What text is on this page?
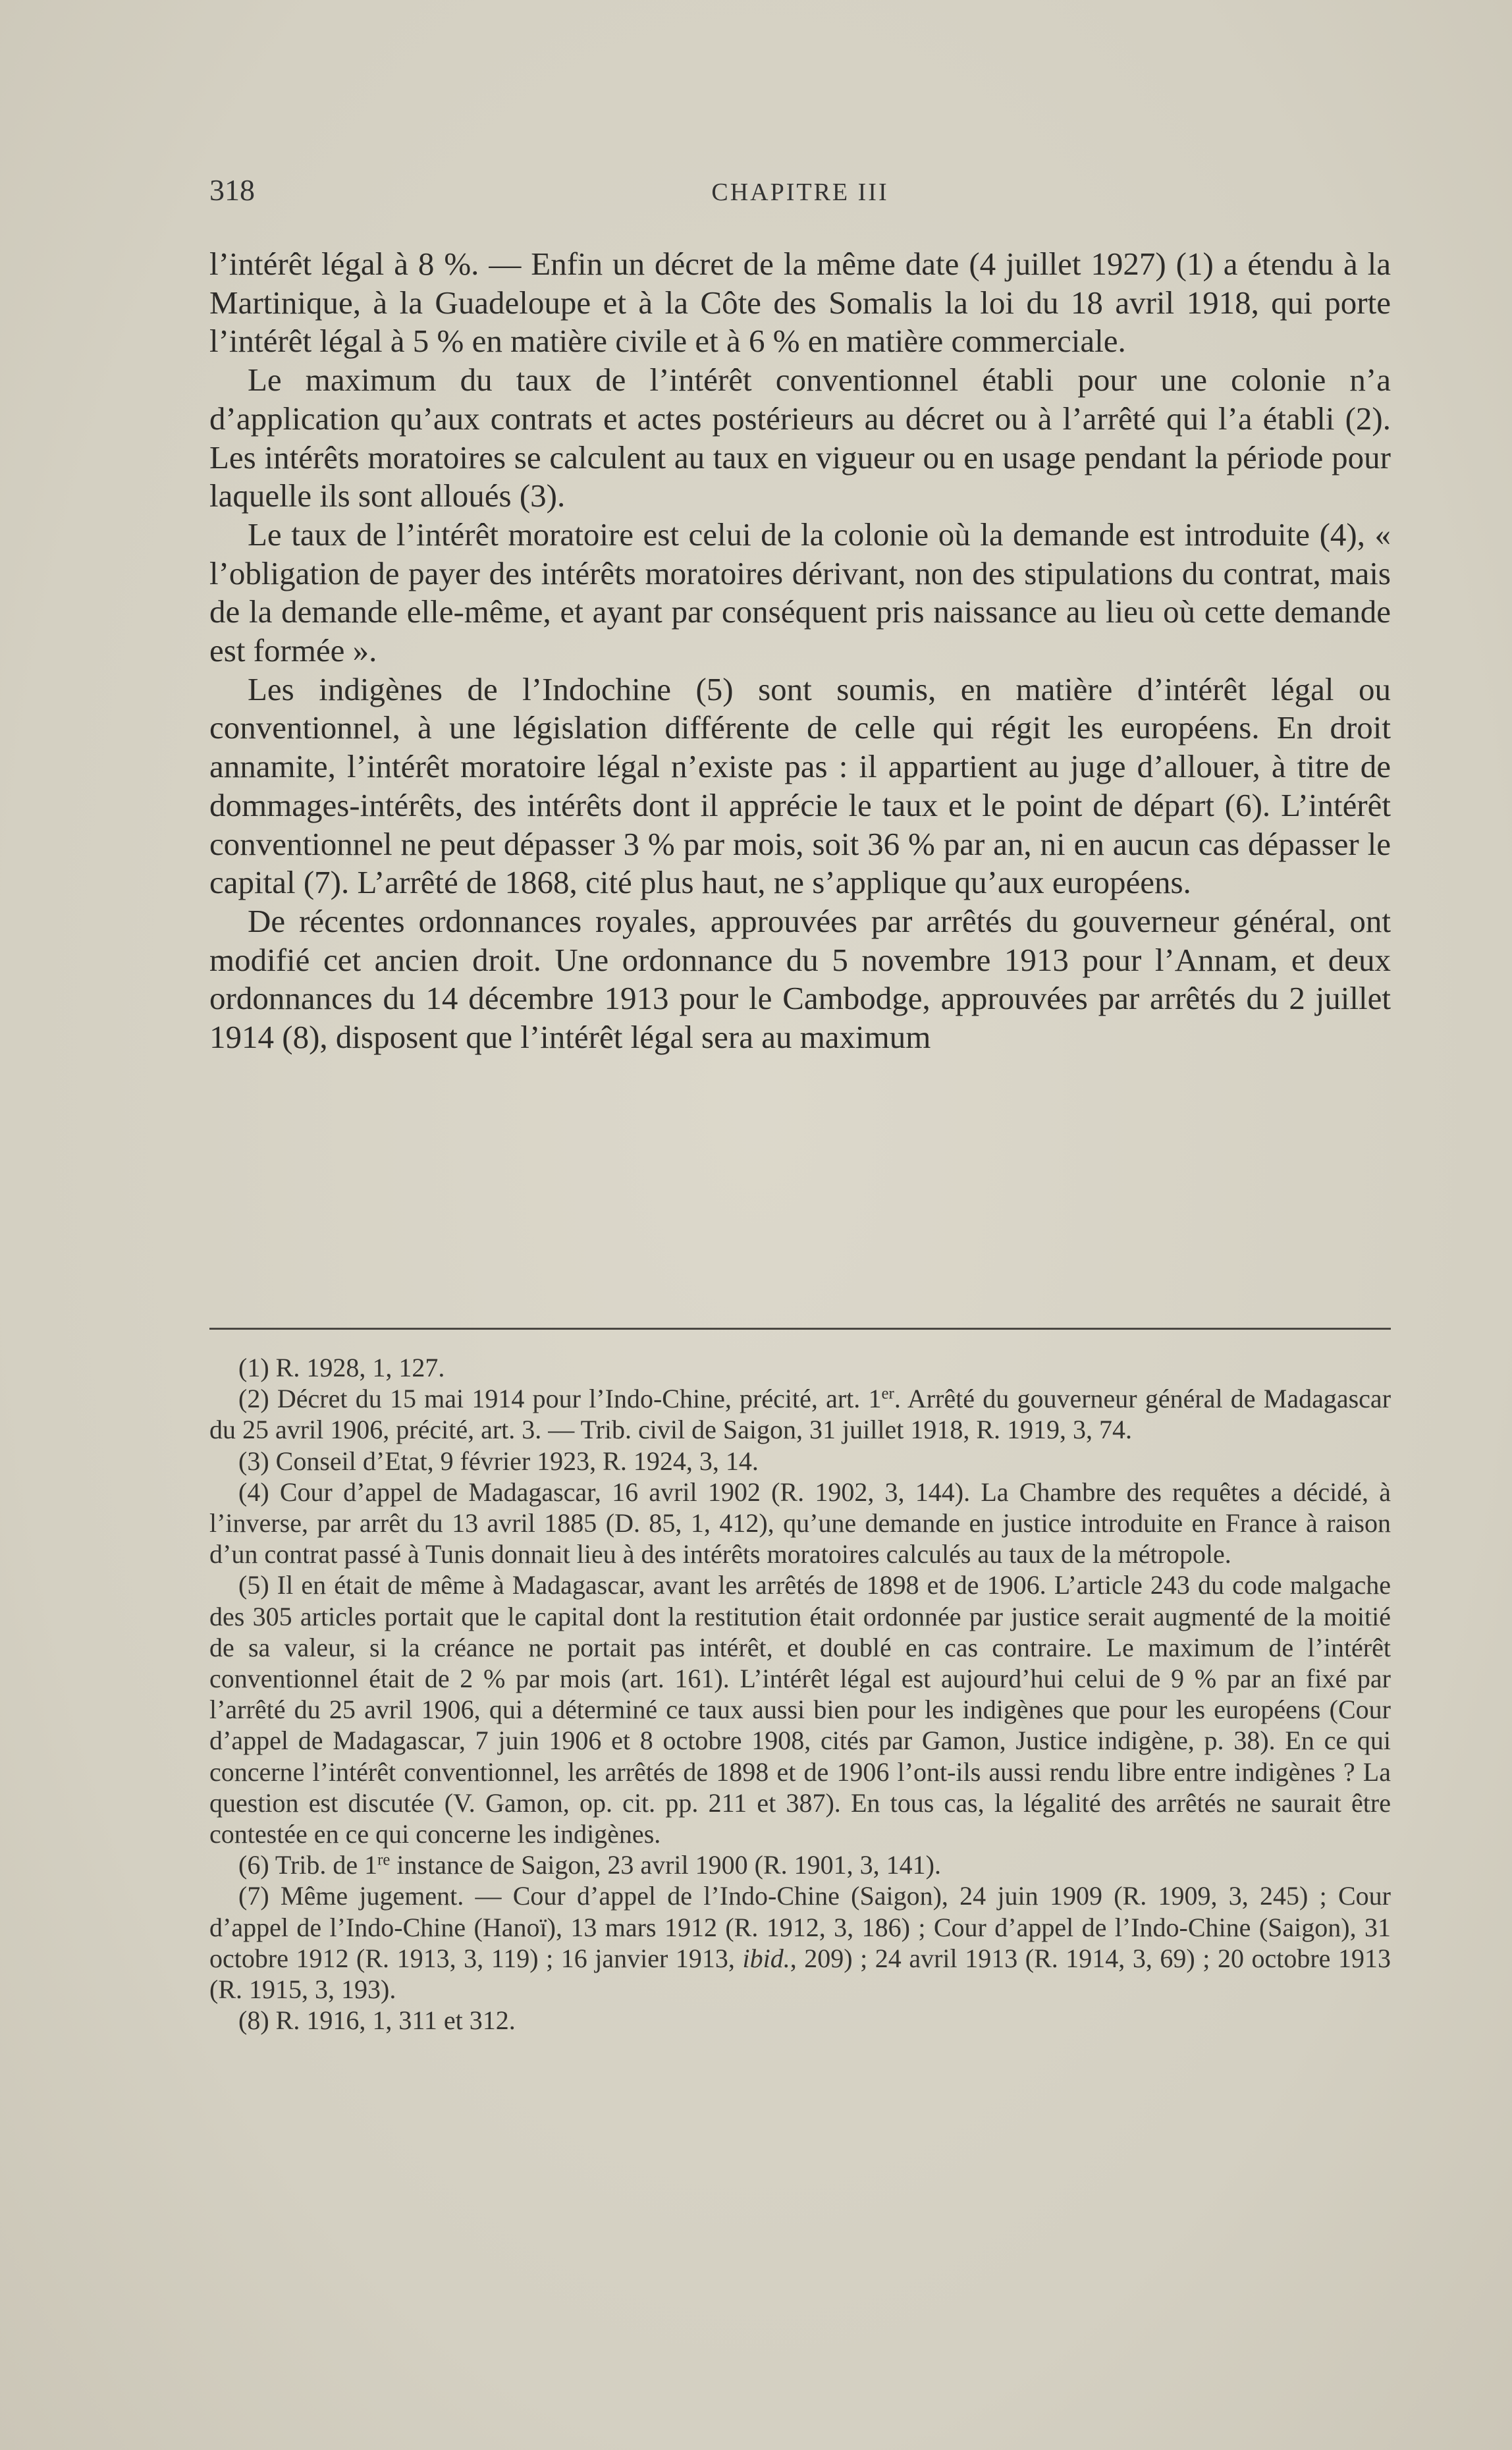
318	CHAPITRE III

l’intérêt légal à 8 %. — Enfin un décret de la même date (4 juillet 1927) (1) a étendu à la Martinique, à la Guadeloupe et à la Côte des Somalis la loi du 18 avril 1918, qui porte l’intérêt légal à 5 % en matière civile et à 6 % en matière commerciale.

Le maximum du taux de l’intérêt conventionnel établi pour une colonie n’a d’application qu’aux contrats et actes postérieurs au décret ou à l’arrêté qui l’a établi (2). Les intérêts moratoires se calculent au taux en vigueur ou en usage pendant la période pour laquelle ils sont alloués (3).

Le taux de l’intérêt moratoire est celui de la colonie où la demande est introduite (4), « l’obligation de payer des intérêts moratoires dérivant, non des stipulations du contrat, mais de la demande elle-même, et ayant par conséquent pris naissance au lieu où cette demande est formée ».

Les indigènes de l’Indochine (5) sont soumis, en matière d’intérêt légal ou conventionnel, à une législation différente de celle qui régit les européens. En droit annamite, l’intérêt moratoire légal n’existe pas : il appartient au juge d’allouer, à titre de dommages-intérêts, des intérêts dont il apprécie le taux et le point de départ (6). L’intérêt conventionnel ne peut dépasser 3 % par mois, soit 36 % par an, ni en aucun cas dépasser le capital (7). L’arrêté de 1868, cité plus haut, ne s’applique qu’aux européens.

De récentes ordonnances royales, approuvées par arrêtés du gouverneur général, ont modifié cet ancien droit. Une ordonnance du 5 novembre 1913 pour l’Annam, et deux ordonnances du 14 décembre 1913 pour le Cambodge, approuvées par arrêtés du 2 juillet 1914 (8), disposent que l’intérêt légal sera au maximum

(1) R. 1928, 1, 127.

(2) Décret du 15 mai 1914 pour l’Indo-Chine, précité, art. 1er. Arrêté du gouverneur général de Madagascar du 25 avril 1906, précité, art. 3. — Trib. civil de Saigon, 31 juillet 1918, R. 1919, 3, 74.

(3) Conseil d’Etat, 9 février 1923, R. 1924, 3, 14.

(4) Cour d’appel de Madagascar, 16 avril 1902 (R. 1902, 3, 144). La Chambre des requêtes a décidé, à l’inverse, par arrêt du 13 avril 1885 (D. 85, 1, 412), qu’une demande en justice introduite en France à raison d’un contrat passé à Tunis donnait lieu à des intérêts moratoires calculés au taux de la métropole.

(5) Il en était de même à Madagascar, avant les arrêtés de 1898 et de 1906. L’article 243 du code malgache des 305 articles portait que le capital dont la restitution était ordonnée par justice serait augmenté de la moitié de sa valeur, si la créance ne portait pas intérêt, et doublé en cas contraire. Le maximum de l’intérêt conventionnel était de 2 % par mois (art. 161). L’intérêt légal est aujourd’hui celui de 9 % par an fixé par l’arrêté du 25 avril 1906, qui a déterminé ce taux aussi bien pour les indigènes que pour les européens (Cour d’appel de Madagascar, 7 juin 1906 et 8 octobre 1908, cités par Gamon, Justice indigène, p. 38). En ce qui concerne l’intérêt conventionnel, les arrêtés de 1898 et de 1906 l’ont-ils aussi rendu libre entre indigènes ? La question est discutée (V. Gamon, op. cit. pp. 211 et 387). En tous cas, la légalité des arrêtés ne saurait être contestée en ce qui concerne les indigènes.

(6) Trib. de 1re instance de Saigon, 23 avril 1900 (R. 1901, 3, 141).

(7) Même jugement. — Cour d’appel de l’Indo-Chine (Saigon), 24 juin 1909 (R. 1909, 3, 245) ; Cour d’appel de l’Indo-Chine (Hanoï), 13 mars 1912 (R. 1912, 3, 186) ; Cour d’appel de l’Indo-Chine (Saigon), 31 octobre 1912 (R. 1913, 3, 119) ; 16 janvier 1913, ibid., 209) ; 24 avril 1913 (R. 1914, 3, 69) ; 20 octobre 1913 (R. 1915, 3, 193).

(8) R. 1916, 1, 311 et 312.
